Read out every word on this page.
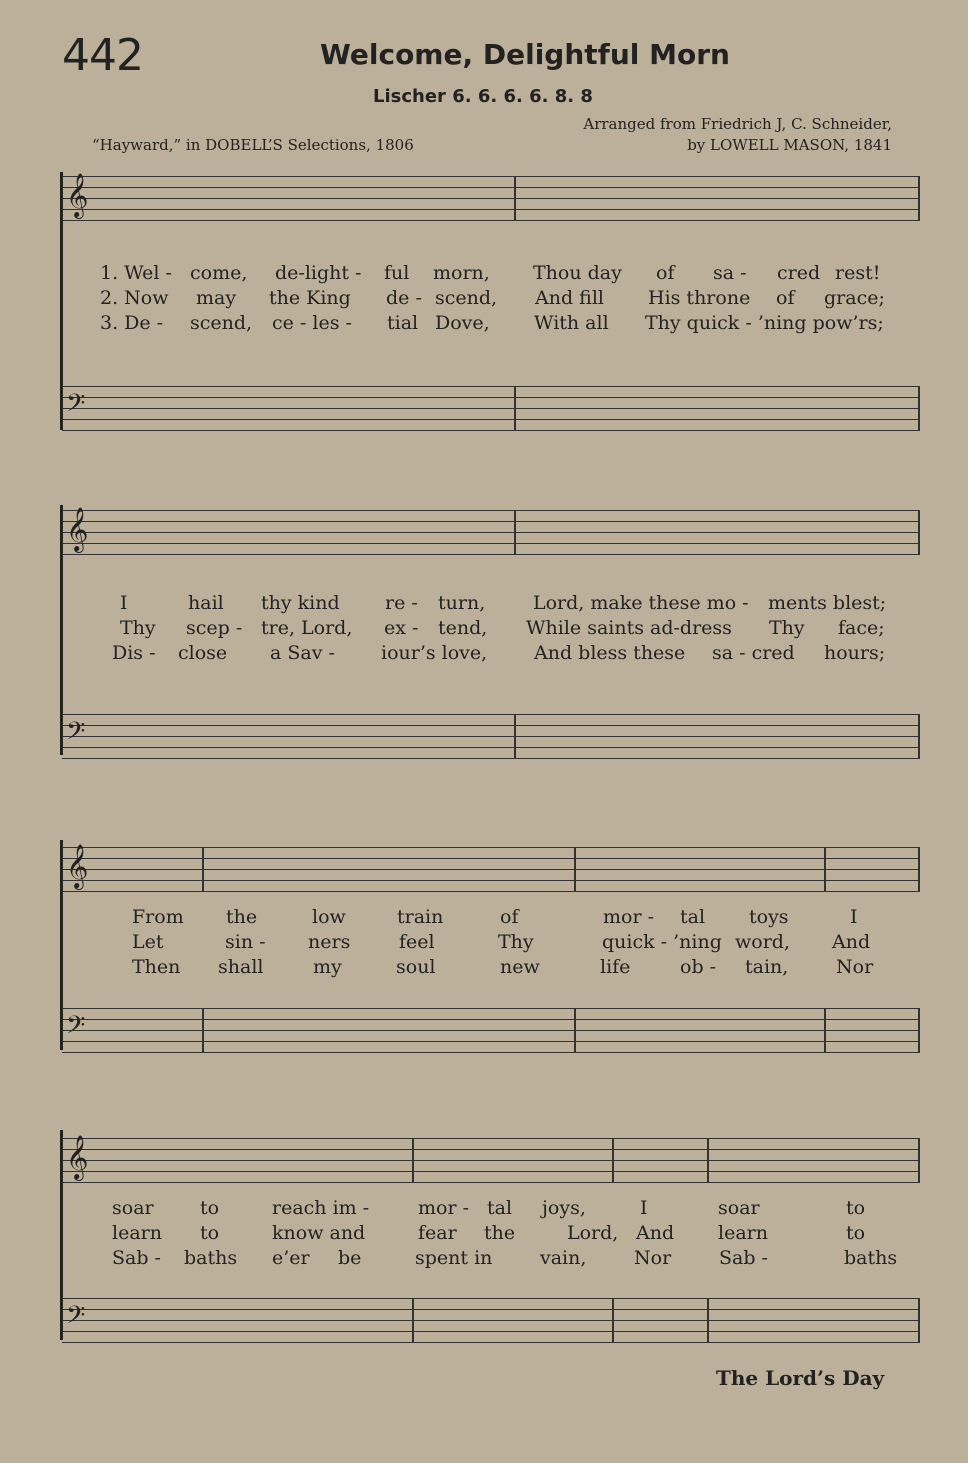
442	Welcome, Delightful Morn
Lischer 6. 6. 6. 6. 8. 8
Arranged from Friedrich J, C. Schneider,
by LOWELL MASON, 1841
“Hayward,” in DOBELL’S Selections, 1806
𝄞
1. Wel - come, de-light - ful morn, Thou day of sa - cred rest!
2. Now may the King de - scend, And fill His throne of grace;
3. De - scend, ce - les - tial Dove, With all Thy quick - ’ning pow’rs;
𝄢
𝄞
I	hail thy kind re - turn,	Lord, make these mo - ments blest;
Thy scep - tre, Lord, ex - tend, While saints ad-dress Thy face;
Dis - close a Sav - iour’s love, And bless these sa - cred hours;
𝄢
𝄞
From the	low	train	of	mor - tal toys	I
Let	sin - ners	feel	Thy	quick - ’ning word, And
Then shall	my	soul	new	life	ob - tain,	Nor
𝄢
𝄞
soar to	reach im -	mor - tal joys,	I	soar	to
learn to	know and	fear the	Lord, And learn	to
Sab - baths e’er be	spent in	vain,	Nor	Sab -	baths
𝄢
The Lord’s Day
